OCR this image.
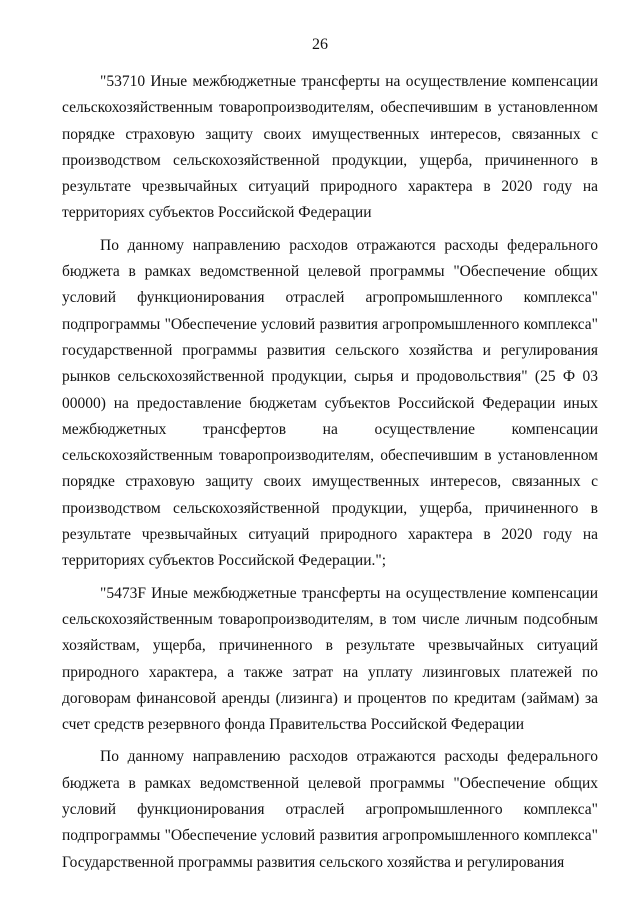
26

"53710 Иные межбюджетные трансферты на осуществление компенсации сельскохозяйственным товаропроизводителям, обеспечившим в установленном порядке страховую защиту своих имущественных интересов, связанных с производством сельскохозяйственной продукции, ущерба, причиненного в результате чрезвычайных ситуаций природного характера в 2020 году на территориях субъектов Российской Федерации

По данному направлению расходов отражаются расходы федерального бюджета в рамках ведомственной целевой программы "Обеспечение общих условий функционирования отраслей агропромышленного комплекса" подпрограммы "Обеспечение условий развития агропромышленного комплекса" государственной программы развития сельского хозяйства и регулирования рынков сельскохозяйственной продукции, сырья и продовольствия" (25 Ф 03 00000) на предоставление бюджетам субъектов Российской Федерации иных межбюджетных трансфертов на осуществление компенсации сельскохозяйственным товаропроизводителям, обеспечившим в установленном порядке страховую защиту своих имущественных интересов, связанных с производством сельскохозяйственной продукции, ущерба, причиненного в результате чрезвычайных ситуаций природного характера в 2020 году на территориях субъектов Российской Федерации.";

"5473F Иные межбюджетные трансферты на осуществление компенсации сельскохозяйственным товаропроизводителям, в том числе личным подсобным хозяйствам, ущерба, причиненного в результате чрезвычайных ситуаций природного характера, а также затрат на уплату лизинговых платежей по договорам финансовой аренды (лизинга) и процентов по кредитам (займам) за счет средств резервного фонда Правительства Российской Федерации

По данному направлению расходов отражаются расходы федерального бюджета в рамках ведомственной целевой программы "Обеспечение общих условий функционирования отраслей агропромышленного комплекса" подпрограммы "Обеспечение условий развития агропромышленного комплекса" Государственной программы развития сельского хозяйства и регулирования
